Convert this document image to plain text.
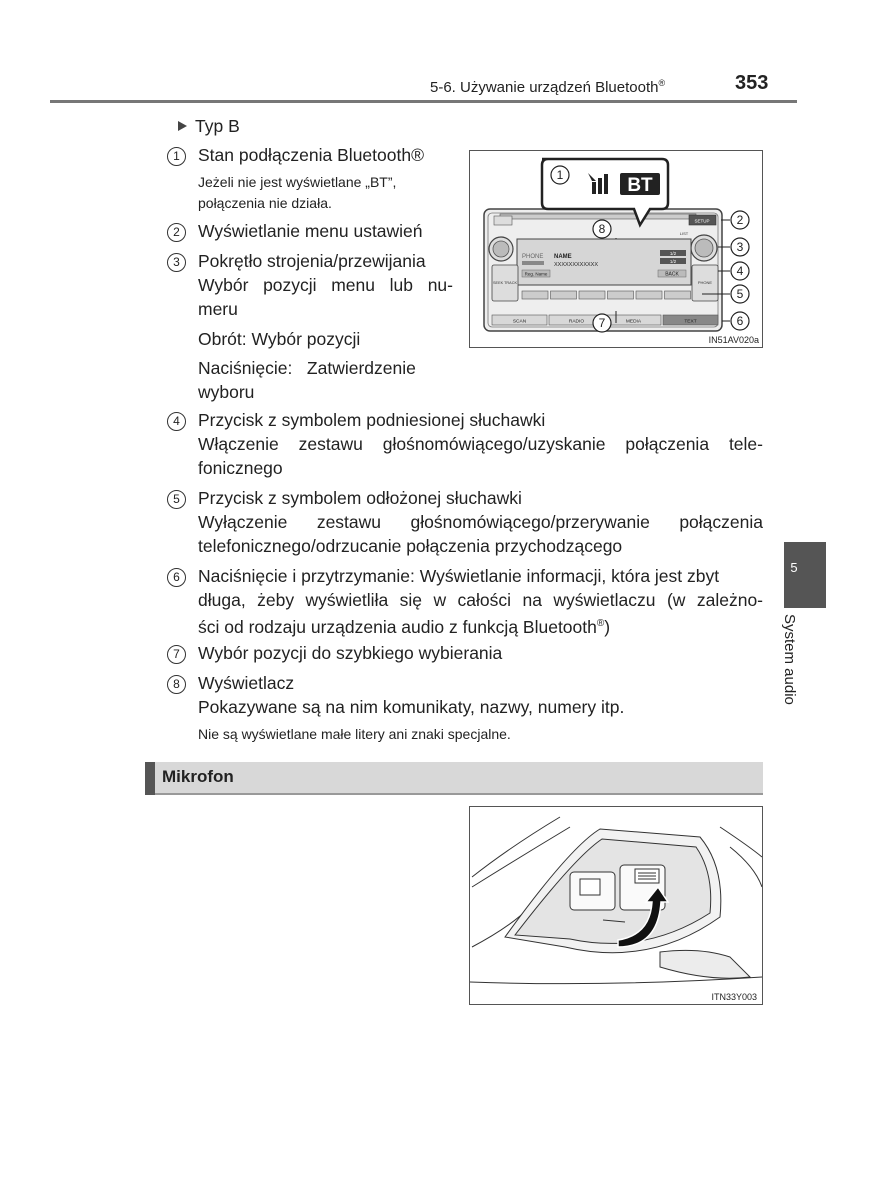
5-6. Używanie urządzeń Bluetooth®	353
5
System audio
Typ B
1	Stan podłączenia Bluetooth®
Jeżeli nie jest wyświetlane „BT”,
połączenia nie działa.
2	Wyświetlanie menu ustawień
3	Pokrętło strojenia/przewijania
Wybór pozycji menu lub nu-
meru
Obrót: Wybór pozycji
Naciśnięcie:   Zatwierdzenie
wyboru
4	Przycisk z symbolem podniesionej słuchawki
Włączenie zestawu głośnomówiącego/uzyskanie połączenia tele-
fonicznego
5	Przycisk z symbolem odłożonej słuchawki
Wyłączenie zestawu głośnomówiącego/przerywanie połączenia
telefonicznego/odrzucanie połączenia przychodzącego
6	Naciśnięcie i przytrzymanie: Wyświetlanie informacji, która jest zbyt
długa, żeby wyświetliła się w całości na wyświetlaczu (w zależno-
ści od rodzaju urządzenia audio z funkcją Bluetooth®)
7	Wybór pozycji do szybkiego wybierania
8	Wyświetlacz
Pokazywane są na nim komunikaty, nazwy, numery itp.
Nie są wyświetlane małe litery ani znaki specjalne.
Mikrofon
SETUP
LIST
PHONE NAME
XXXXXXXXXXXX
1/2
1/2
Reg. Name	BACK
SEEK TRACK	PHONE
SCAN	RADIO	MEDIA	TEXT
BT
1
2
3
4
5
6
7
8
IN51AV020a
ITN33Y003
